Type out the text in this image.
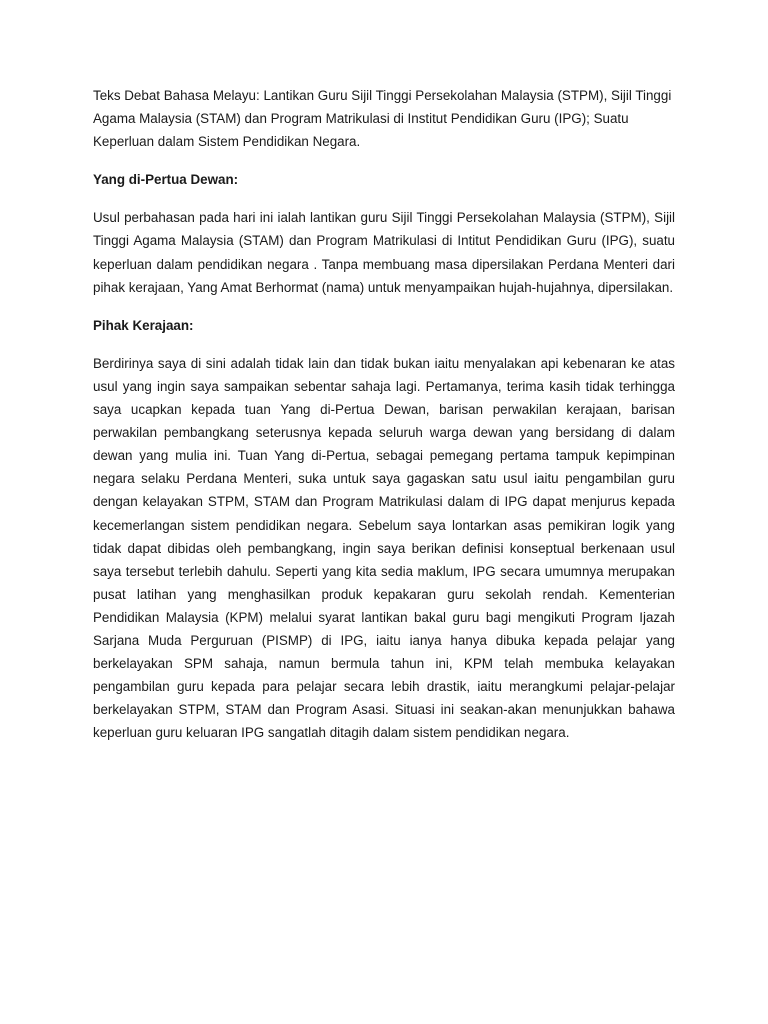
Teks Debat Bahasa Melayu: Lantikan Guru Sijil Tinggi Persekolahan Malaysia (STPM), Sijil Tinggi Agama Malaysia (STAM) dan Program Matrikulasi di Institut Pendidikan Guru (IPG); Suatu Keperluan dalam Sistem Pendidikan Negara.

Yang di-Pertua Dewan:

Usul perbahasan pada hari ini ialah lantikan guru Sijil Tinggi Persekolahan Malaysia (STPM), Sijil Tinggi Agama Malaysia (STAM) dan Program Matrikulasi di Intitut Pendidikan Guru (IPG), suatu keperluan dalam pendidikan negara . Tanpa membuang masa dipersilakan Perdana Menteri dari pihak kerajaan, Yang Amat Berhormat (nama) untuk menyampaikan hujah-hujahnya, dipersilakan.

Pihak Kerajaan:

Berdirinya saya di sini adalah tidak lain dan tidak bukan iaitu menyalakan api kebenaran ke atas usul yang ingin saya sampaikan sebentar sahaja lagi. Pertamanya, terima kasih tidak terhingga saya ucapkan kepada tuan Yang di-Pertua Dewan, barisan perwakilan kerajaan, barisan perwakilan pembangkang seterusnya kepada seluruh warga dewan yang bersidang di dalam dewan yang mulia ini. Tuan Yang di-Pertua, sebagai pemegang pertama tampuk kepimpinan negara selaku Perdana Menteri, suka untuk saya gagaskan satu usul iaitu pengambilan guru dengan kelayakan STPM, STAM dan Program Matrikulasi dalam di IPG dapat menjurus kepada kecemerlangan sistem pendidikan negara. Sebelum saya lontarkan asas pemikiran logik yang tidak dapat dibidas oleh pembangkang, ingin saya berikan definisi konseptual berkenaan usul saya tersebut terlebih dahulu. Seperti yang kita sedia maklum, IPG secara umumnya merupakan pusat latihan yang menghasilkan produk kepakaran guru sekolah rendah. Kementerian Pendidikan Malaysia (KPM) melalui syarat lantikan bakal guru bagi mengikuti Program Ijazah Sarjana Muda Perguruan (PISMP) di IPG, iaitu ianya hanya dibuka kepada pelajar yang berkelayakan SPM sahaja, namun bermula tahun ini, KPM telah membuka kelayakan pengambilan guru kepada para pelajar secara lebih drastik, iaitu merangkumi pelajar-pelajar berkelayakan STPM, STAM dan Program Asasi. Situasi ini seakan-akan menunjukkan bahawa keperluan guru keluaran IPG sangatlah ditagih dalam sistem pendidikan negara.
